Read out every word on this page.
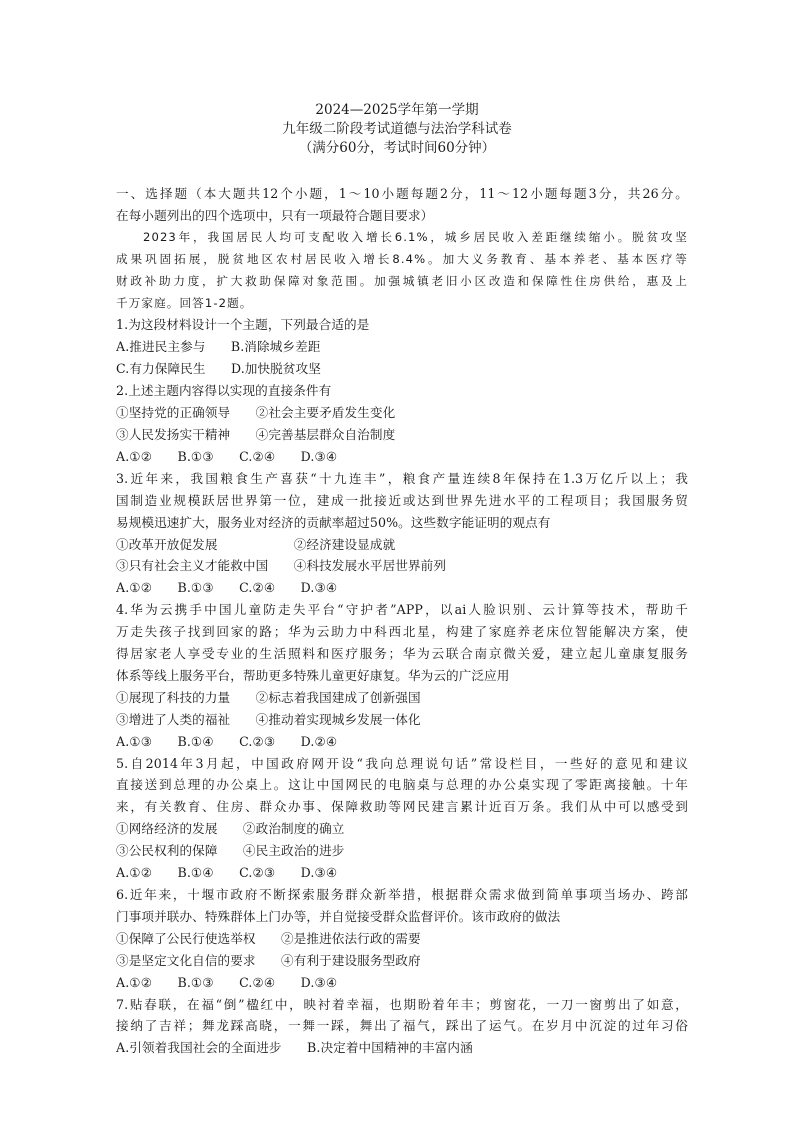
2024—2025学年第一学期
九年级二阶段考试道德与法治学科试卷
（满分60分，考试时间60分钟）
一、选择题（本大题共12个小题，1～10小题每题2分，11～12小题每题3分，共26分。
在每小题列出的四个选项中，只有一项最符合题目要求）
2023年，我国居民人均可支配收入增长6.1%，城乡居民收入差距继续缩小。脱贫攻坚
成果巩固拓展，脱贫地区农村居民收入增长8.4%。加大义务教育、基本养老、基本医疗等
财政补助力度，扩大救助保障对象范围。加强城镇老旧小区改造和保障性住房供给，惠及上
千万家庭。回答1-2题。
1.为这段材料设计一个主题，下列最合适的是
A.推进民主参与　　B.消除城乡差距
C.有力保障民生　　D.加快脱贫攻坚
2.上述主题内容得以实现的直接条件有
①坚持党的正确领导　　②社会主要矛盾发生变化
③人民发扬实干精神　　④完善基层群众自治制度
A.①②　　B.①③　　C.②④　　D.③④
3.近年来，我国粮食生产喜获“十九连丰”，粮食产量连续8年保持在1.3万亿斤以上；我
国制造业规模跃居世界第一位，建成一批接近或达到世界先进水平的工程项目；我国服务贸
易规模迅速扩大，服务业对经济的贡献率超过50%。这些数字能证明的观点有
①改革开放促发展　　　　　　②经济建设显成就
③只有社会主义才能救中国　　④科技发展水平居世界前列
A.①②　　B.①③　　C.②④　　D.③④
4.华为云携手中国儿童防走失平台“守护者”APP，以ai人脸识别、云计算等技术，帮助千
万走失孩子找到回家的路；华为云助力中科西北星，构建了家庭养老床位智能解决方案，使
得居家老人享受专业的生活照料和医疗服务；华为云联合南京微关爱，建立起儿童康复服务
体系等线上服务平台，帮助更多特殊儿童更好康复。华为云的广泛应用
①展现了科技的力量　　②标志着我国建成了创新强国
③增进了人类的福祉　　④推动着实现城乡发展一体化
A.①③　　B.①④　　C.②③　　D.②④
5.自2014年3月起，中国政府网开设“我向总理说句话”常设栏目，一些好的意见和建议
直接送到总理的办公桌上。这让中国网民的电脑桌与总理的办公桌实现了零距离接触。十年
来，有关教育、住房、群众办事、保障救助等网民建言累计近百万条。我们从中可以感受到
①网络经济的发展　　②政治制度的确立
③公民权利的保障　　④民主政治的进步
A.①②　　B.①④　　C.②③　　D.③④
6.近年来，十堰市政府不断探索服务群众新举措，根据群众需求做到简单事项当场办、跨部
门事项并联办、特殊群体上门办等，并自觉接受群众监督评价。该市政府的做法
①保障了公民行使选举权　　②是推进依法行政的需要
③是坚定文化自信的要求　　④有利于建设服务型政府
A.①②　　B.①③　　C.②④　　D.③④
7.贴春联，在福“倒”楹红中，映衬着幸福，也期盼着年丰；剪窗花，一刀一窗剪出了如意，
接纳了吉祥；舞龙踩高晓，一舞一踩，舞出了福气，踩出了运气。在岁月中沉淀的过年习俗
A.引领着我国社会的全面进步　　B.决定着中国精神的丰富内涵
